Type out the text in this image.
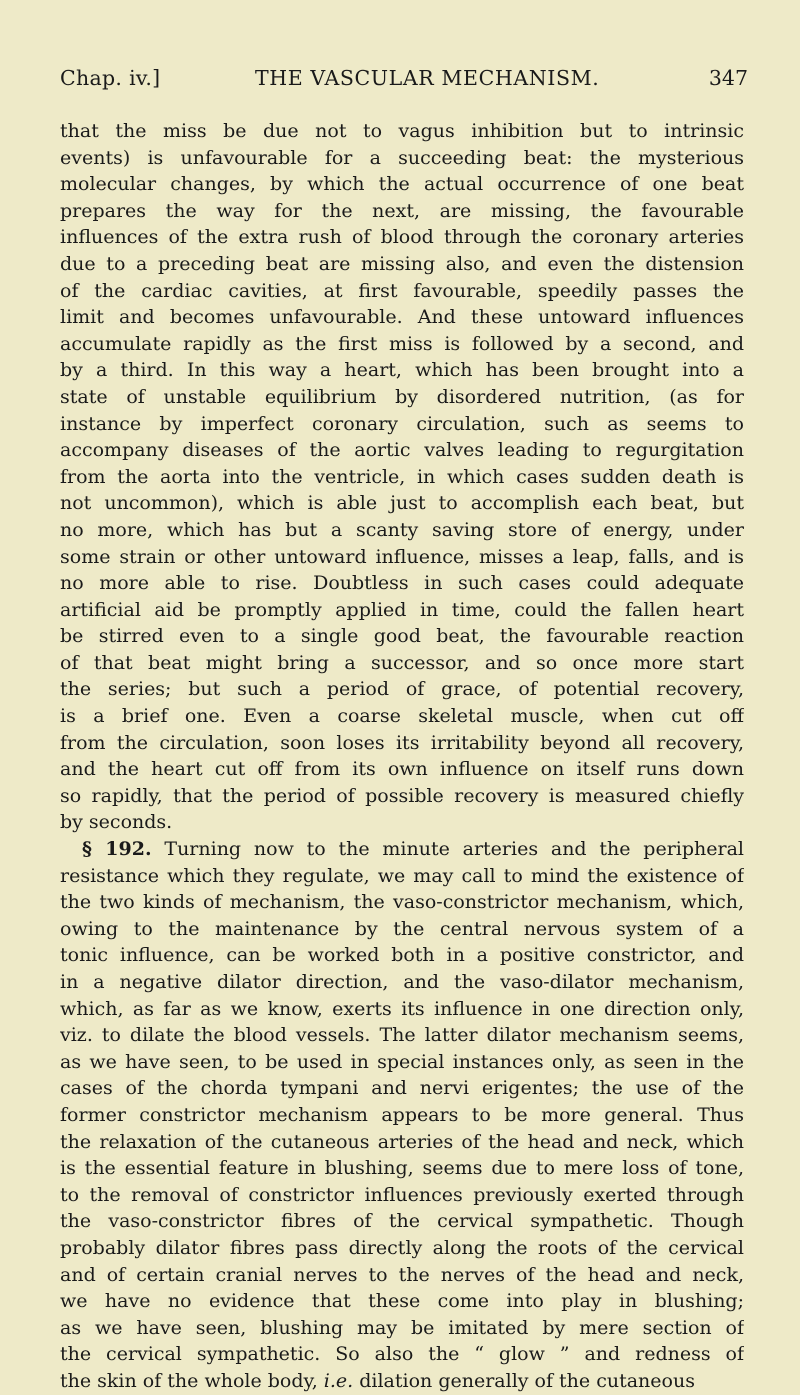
Chap. iv.]	THE VASCULAR MECHANISM.	347
that the miss be due not to vagus inhibition but to intrinsic
events) is unfavourable for a succeeding beat: the mysterious
molecular changes, by which the actual occurrence of one beat
prepares the way for the next, are missing, the favourable
influences of the extra rush of blood through the coronary arteries
due to a preceding beat are missing also, and even the distension
of the cardiac cavities, at first favourable, speedily passes the
limit and becomes unfavourable. And these untoward influences
accumulate rapidly as the first miss is followed by a second, and
by a third. In this way a heart, which has been brought into a
state of unstable equilibrium by disordered nutrition, (as for
instance by imperfect coronary circulation, such as seems to
accompany diseases of the aortic valves leading to regurgitation
from the aorta into the ventricle, in which cases sudden death is
not uncommon), which is able just to accomplish each beat, but
no more, which has but a scanty saving store of energy, under
some strain or other untoward influence, misses a leap, falls, and is
no more able to rise. Doubtless in such cases could adequate
artificial aid be promptly applied in time, could the fallen heart
be stirred even to a single good beat, the favourable reaction
of that beat might bring a successor, and so once more start
the series; but such a period of grace, of potential recovery,
is a brief one. Even a coarse skeletal muscle, when cut off
from the circulation, soon loses its irritability beyond all recovery,
and the heart cut off from its own influence on itself runs down
so rapidly, that the period of possible recovery is measured chiefly
by seconds.
§ 192. Turning now to the minute arteries and the peripheral
resistance which they regulate, we may call to mind the existence of
the two kinds of mechanism, the vaso-constrictor mechanism, which,
owing to the maintenance by the central nervous system of a
tonic influence, can be worked both in a positive constrictor, and
in a negative dilator direction, and the vaso-dilator mechanism,
which, as far as we know, exerts its influence in one direction only,
viz. to dilate the blood vessels. The latter dilator mechanism seems,
as we have seen, to be used in special instances only, as seen in the
cases of the chorda tympani and nervi erigentes; the use of the
former constrictor mechanism appears to be more general. Thus
the relaxation of the cutaneous arteries of the head and neck, which
is the essential feature in blushing, seems due to mere loss of tone,
to the removal of constrictor influences previously exerted through
the vaso-constrictor fibres of the cervical sympathetic. Though
probably dilator fibres pass directly along the roots of the cervical
and of certain cranial nerves to the nerves of the head and neck,
we have no evidence that these come into play in blushing;
as we have seen, blushing may be imitated by mere section of
the cervical sympathetic. So also the “ glow ” and redness of
the skin of the whole body, i.e. dilation generally of the cutaneous
